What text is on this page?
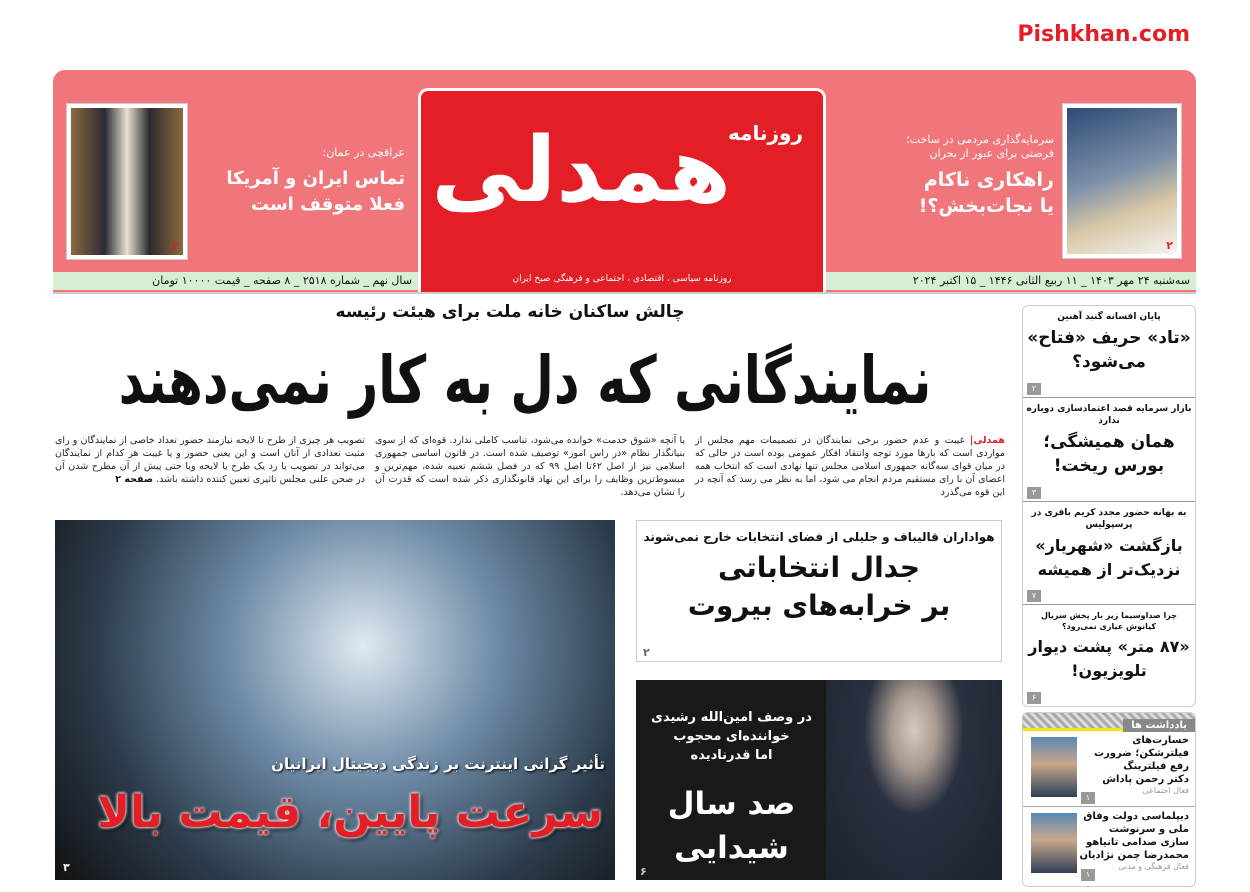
همدلی
روزنامه
روزنامه سیاسی ، اقتصادی ، اجتماعی و فرهنگی صبح ایران
۲
سرمایه‌گذاری مردمی در ساخت؛
فرصتی برای عبور از بحران
راهکاری ناکام
یا نجات‌بخش؟!
۲
عراقچی در عمان:
تماس ایران و آمریکا
فعلا متوقف است
سه‌شنبه ۲۴ مهر ۱۴۰۳ _ ۱۱ ربیع الثانی ۱۴۴۶ _ ۱۵ اکتبر ۲۰۲۴
سال نهم _ شماره ۲۵۱۸ _ ۸ صفحه _ قیمت ۱۰۰۰۰ تومان
Pishkhan.com
چالش ساکنان خانه ملت برای هیئت رئیسه
نمایندگانی که دل به کار نمی‌دهند
همدلی| غیبت و عدم حضور برخی نمایندگان در تصمیمات مهم مجلس از مواردی است که بارها مورد توجه وانتقاد افکار عمومی بوده است در حالی که در میان قوای سه‌گانه جمهوری اسلامی مجلس تنها نهادی است که انتخاب همه اعضای آن با رای مستقیم مردم انجام می شود، اما به نظر می رسد که آنچه در این قوه می‌گذرد
با آنچه «شوق خدمت» خوانده می‌شود، تناسب کاملی ندارد. قوه‌ای که از سوی بنیانگذار نظام «در راس امور» توصیف شده است. در قانون اساسی جمهوری اسلامی نیز از اصل ۶۲تا اصل ۹۹ که در فصل ششم تعبیه شده، مهم‌ترین و مبسوط‌ترین وظایف را برای این نهاد قانونگذاری ذکر شده است که قدرت آن را نشان می‌دهد.
تصویب هر چیزی از طرح تا لایحه نیازمند حضور تعداد خاصی از نمایندگان و رای مثبت تعدادی از آنان است و این یعنی حضور و یا غیبت هر کدام از نمایندگان می‌تواند در تصویب یا رد یک طرح یا لایحه ویا حتی پیش از آن مطرح شدن آن در صحن علنی مجلس تاثیری تعیین کننده داشته باشد. صفحه ۲
تأثیر گرانی اینترنت بر زندگی دیجیتال ایرانیان
سرعت پایین، قیمت بالا
۳
هواداران قالیباف و جلیلی از فضای انتخابات خارج نمی‌شوند
جدال انتخاباتی
بر خرابه‌های بیروت
۲
در وصف امین‌الله رشیدی
خواننده‌ای محجوب
اما قدرنادیده
صد سال
شیدایی
۶
پایان افسانه گنبد آهنین
«تاد» حریف «فتاح»
می‌شود؟
۲
بازار سرمایه قصد اعتمادسازی دوباره ندارد
همان همیشگی؛
بورس ریخت!
۳
به بهانه حضور مجدد کریم باقری در پرسپولیس
بازگشت «شهریار»
نزدیک‌تر از همیشه
۷
چرا صداوسیما زیر بار پخش سریال کیانوش عیاری نمی‌رود؟
«۸۷ متر» پشت دیوار
تلویزیون!
۶
یادداشت ها
خسارت‌های فیلترشکن؛ ضرورت رفع فیلترینگ
دکتر رحمن پاداش
فعال اجتماعی
۱
دیپلماسی دولت وفاق ملی و سرنوشت سازی صدامی تانیاهو
محمدرضا چمن نژادیان
فعال فرهنگی و مدنی
۱
